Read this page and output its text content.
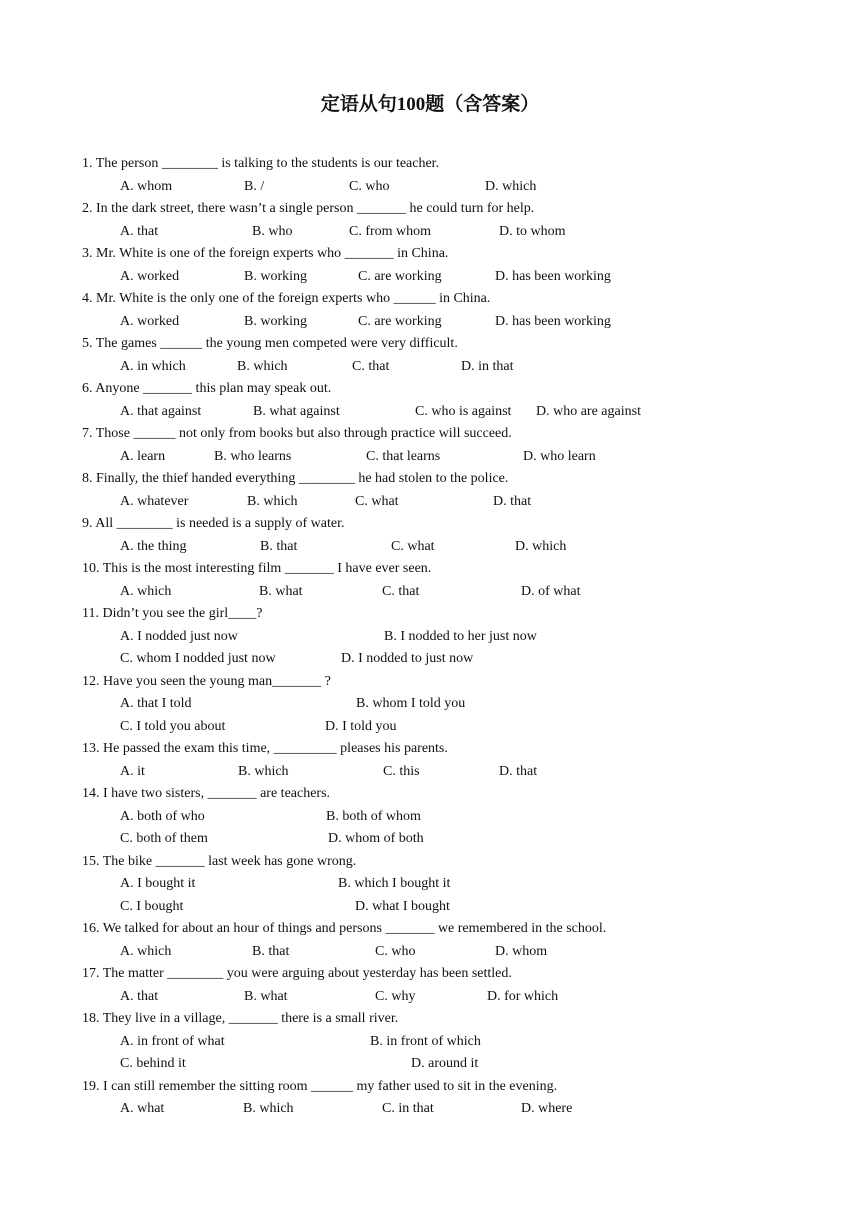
定语从句100题（含答案）
1. The person ________ is talking to the students is our teacher.
A. whom	B. /	C. who	D. which
2. In the dark street, there wasn’t a single person _______ he could turn for help.
A. that	B. who	C. from whom	D. to whom
3. Mr. White is one of the foreign experts who _______ in China.
A. worked	B. working	C. are working	D. has been working
4. Mr. White is the only one of the foreign experts who ______ in China.
A. worked	B. working	C. are working	D. has been working
5. The games ______ the young men competed were very difficult.
A. in which	B. which	C. that	D. in that
6. Anyone _______ this plan may speak out.
A. that against	B. what against	C. who is against D. who are against
7. Those ______ not only from books but also through practice will succeed.
A. learn	B. who learns	C. that learns	D. who learn
8. Finally, the thief handed everything ________ he had stolen to the police.
A. whatever	B. which	C. what	D. that
9. All ________ is needed is a supply of water.
A. the thing	B. that	C. what	D. which
10. This is the most interesting film _______ I have ever seen.
A. which	B. what	C. that	D. of what
11. Didn’t you see the girl____?
A. I nodded just now	B. I nodded to her just now
C. whom I nodded just now	D. I nodded to just now
12. Have you seen the young man_______ ?
A. that I told	B. whom I told you
C. I told you about	D. I told you
13. He passed the exam this time, _________ pleases his parents.
A. it	B. which	C. this	D. that
14. I have two sisters, _______ are teachers.
A. both of who	B. both of whom
C. both of them	D. whom of both
15. The bike _______ last week has gone wrong.
A. I bought it	B. which I bought it
C. I bought	D. what I bought
16. We talked for about an hour of things and persons _______ we remembered in the school.
A. which	B. that	C. who	D. whom
17. The matter ________ you were arguing about yesterday has been settled.
A. that	B. what	C. why	D. for which
18. They live in a village, _______ there is a small river.
A. in front of what	B. in front of which
C. behind it	D. around it
19. I can still remember the sitting room ______ my father used to sit in the evening.
A. what	B. which	C. in that	D. where
